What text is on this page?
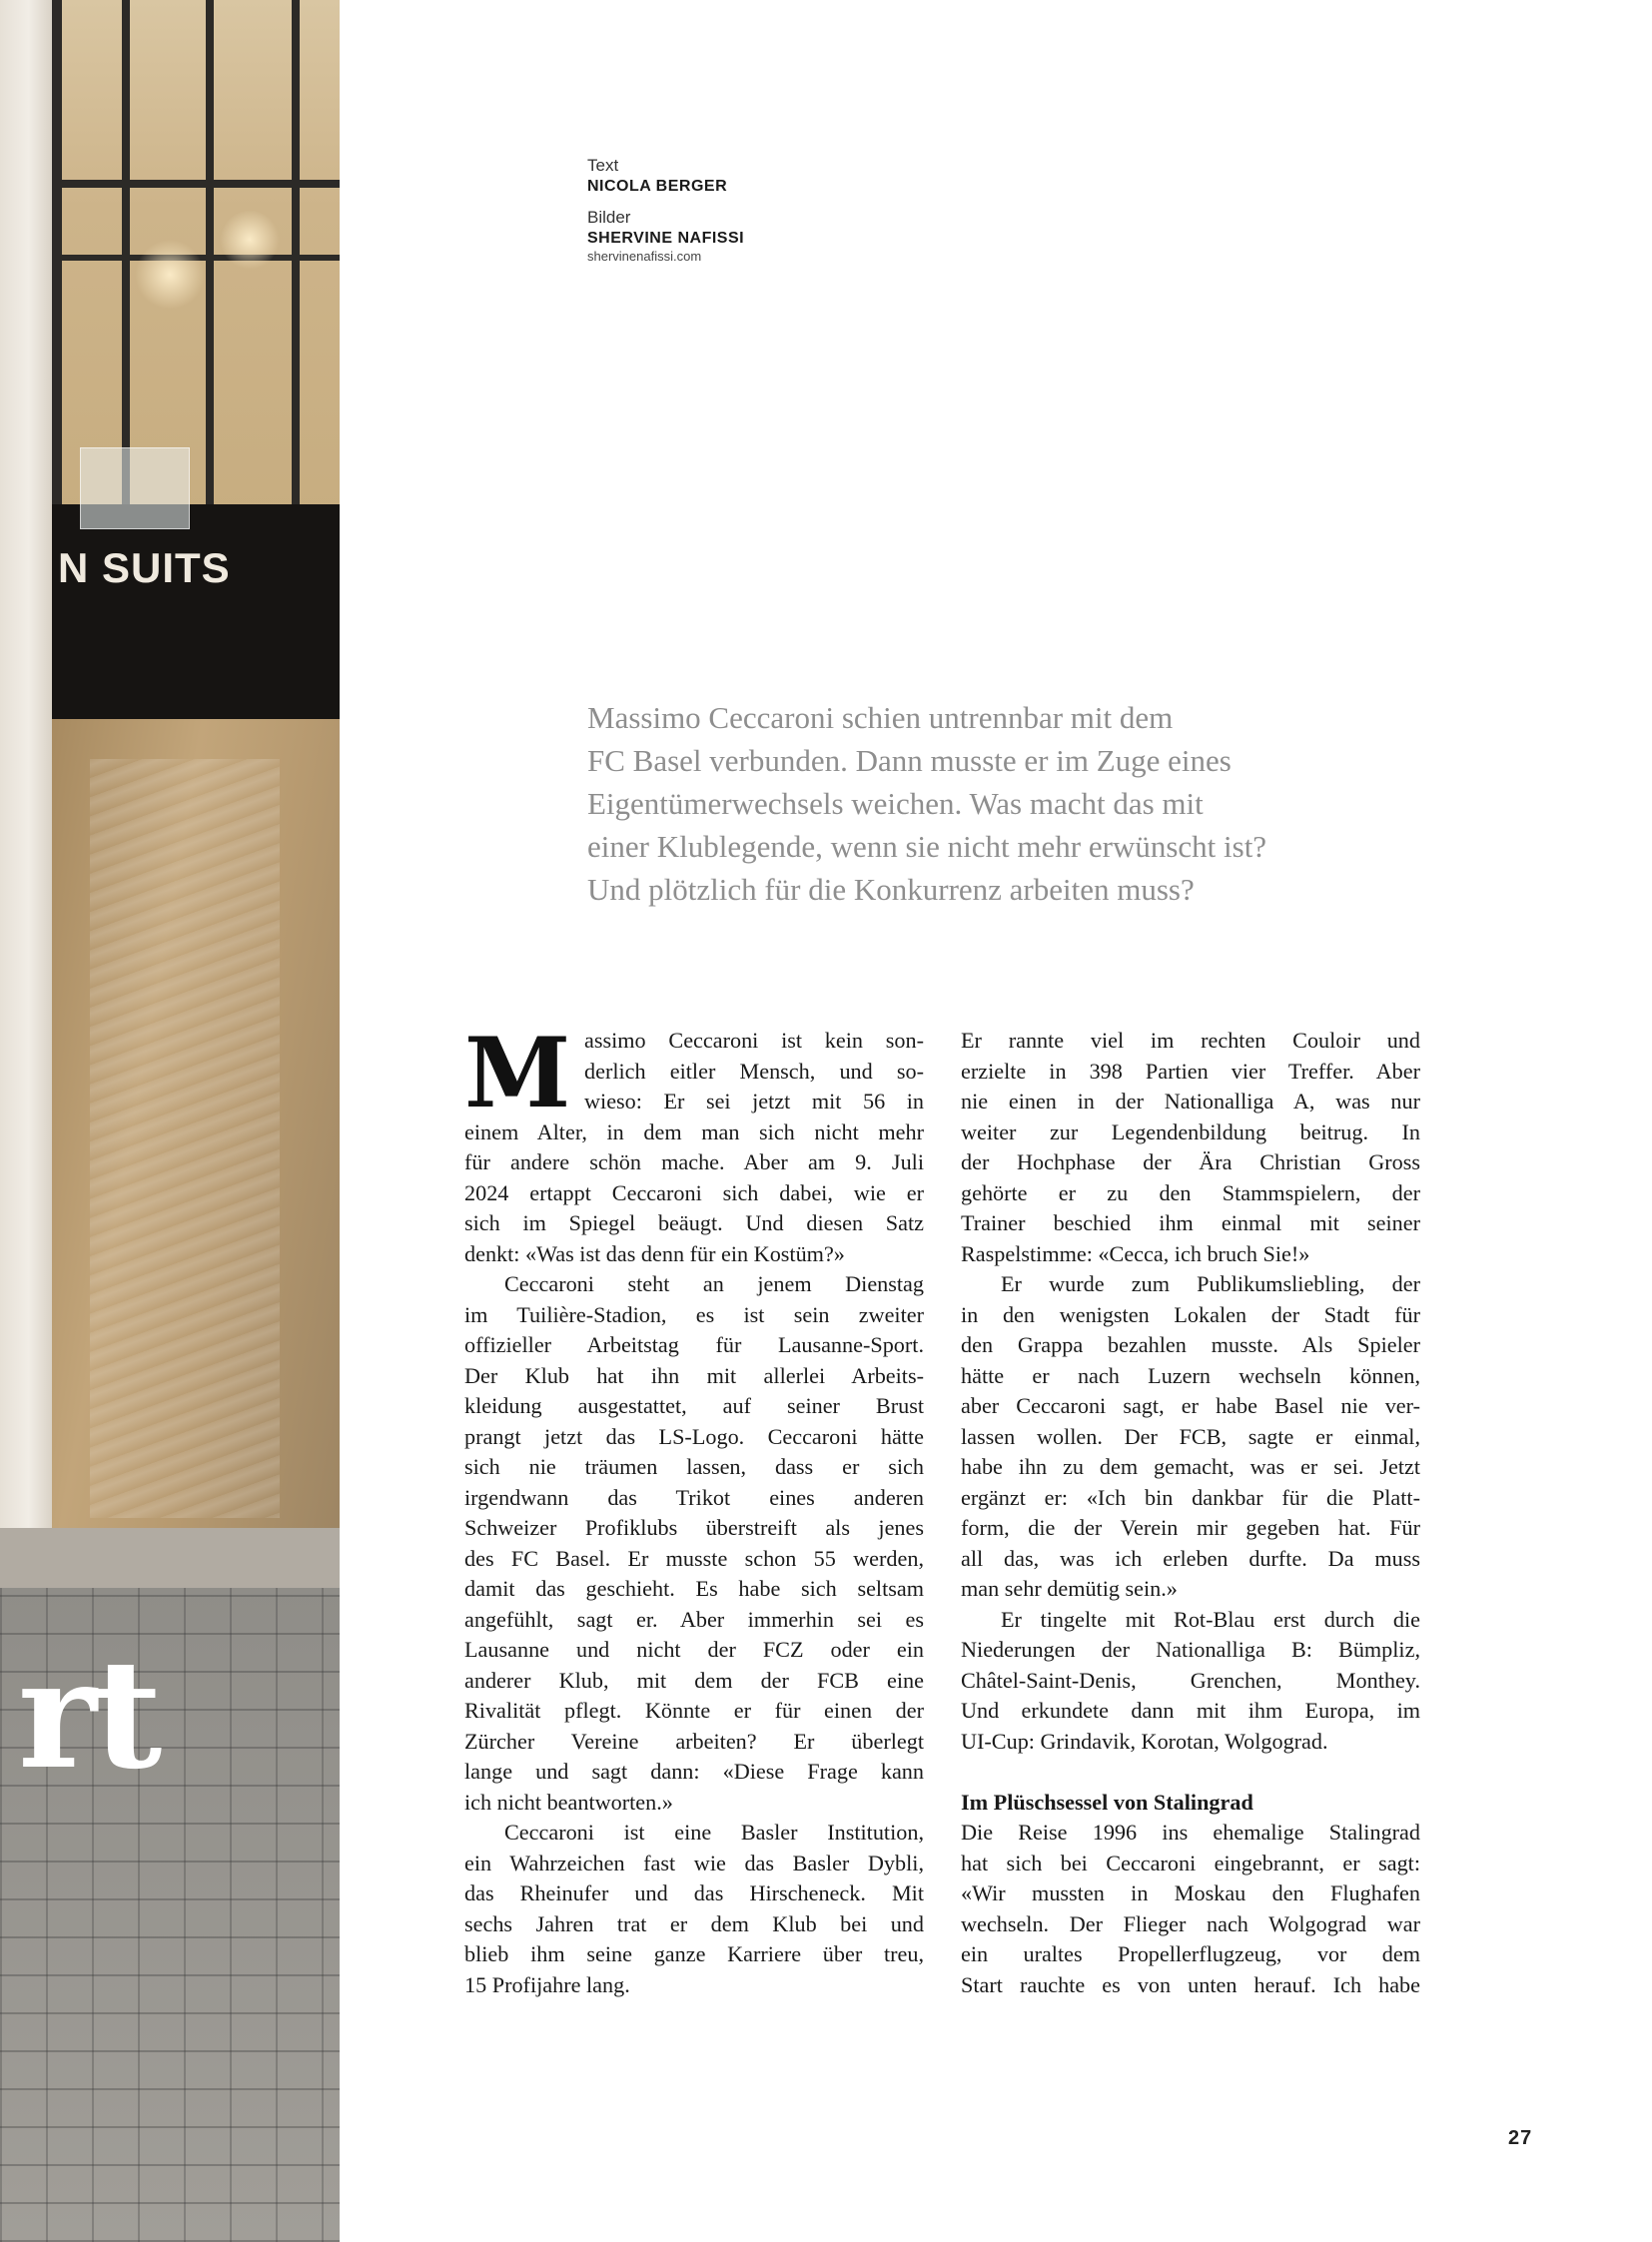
N SUITS
rt
Text
NICOLA BERGER
Bilder
SHERVINE NAFISSI
shervinenafissi.com
Massimo Ceccaroni schien untrennbar mit dem
FC Basel verbunden. Dann musste er im Zuge eines
Eigentümerwechsels weichen. Was macht das mit
einer Klublegende, wenn sie nicht mehr erwünscht ist?
Und plötzlich für die Konkurrenz arbeiten muss?
M assimo Ceccaroni ist kein son-
derlich eitler Mensch, und so-
wieso: Er sei jetzt mit 56 in
einem Alter, in dem man sich nicht mehr
für andere schön mache. Aber am 9. Juli
2024 ertappt Ceccaroni sich dabei, wie er
sich im Spiegel beäugt. Und diesen Satz
denkt: «Was ist das denn für ein Kostüm?»
Ceccaroni steht an jenem Dienstag
im Tuilière-Stadion, es ist sein zweiter
offizieller Arbeitstag für Lausanne-Sport.
Der Klub hat ihn mit allerlei Arbeits-
kleidung ausgestattet, auf seiner Brust
prangt jetzt das LS-Logo. Ceccaroni hätte
sich nie träumen lassen, dass er sich
irgendwann das Trikot eines anderen
Schweizer Profiklubs überstreift als jenes
des FC Basel. Er musste schon 55 werden,
damit das geschieht. Es habe sich seltsam
angefühlt, sagt er. Aber immerhin sei es
Lausanne und nicht der FCZ oder ein
anderer Klub, mit dem der FCB eine
Rivalität pflegt. Könnte er für einen der
Zürcher Vereine arbeiten? Er überlegt
lange und sagt dann: «Diese Frage kann
ich nicht beantworten.»
Ceccaroni ist eine Basler Institution,
ein Wahrzeichen fast wie das Basler Dybli,
das Rheinufer und das Hirscheneck. Mit
sechs Jahren trat er dem Klub bei und
blieb ihm seine ganze Karriere über treu,
15 Profijahre lang.
Er rannte viel im rechten Couloir und
erzielte in 398 Partien vier Treffer. Aber
nie einen in der Nationalliga A, was nur
weiter zur Legendenbildung beitrug. In
der Hochphase der Ära Christian Gross
gehörte er zu den Stammspielern, der
Trainer beschied ihm einmal mit seiner
Raspelstimme: «Cecca, ich bruch Sie!»
Er wurde zum Publikumsliebling, der
in den wenigsten Lokalen der Stadt für
den Grappa bezahlen musste. Als Spieler
hätte er nach Luzern wechseln können,
aber Ceccaroni sagt, er habe Basel nie ver-
lassen wollen. Der FCB, sagte er einmal,
habe ihn zu dem gemacht, was er sei. Jetzt
ergänzt er: «Ich bin dankbar für die Platt-
form, die der Verein mir gegeben hat. Für
all das, was ich erleben durfte. Da muss
man sehr demütig sein.»
Er tingelte mit Rot-Blau erst durch die
Niederungen der Nationalliga B: Bümpliz,
Châtel-Saint-Denis, Grenchen, Monthey.
Und erkundete dann mit ihm Europa, im
UI-Cup: Grindavik, Korotan, Wolgograd.
Im Plüschsessel von Stalingrad
Die Reise 1996 ins ehemalige Stalingrad
hat sich bei Ceccaroni eingebrannt, er sagt:
«Wir mussten in Moskau den Flughafen
wechseln. Der Flieger nach Wolgograd war
ein uraltes Propellerflugzeug, vor dem
Start rauchte es von unten herauf. Ich habe
27
